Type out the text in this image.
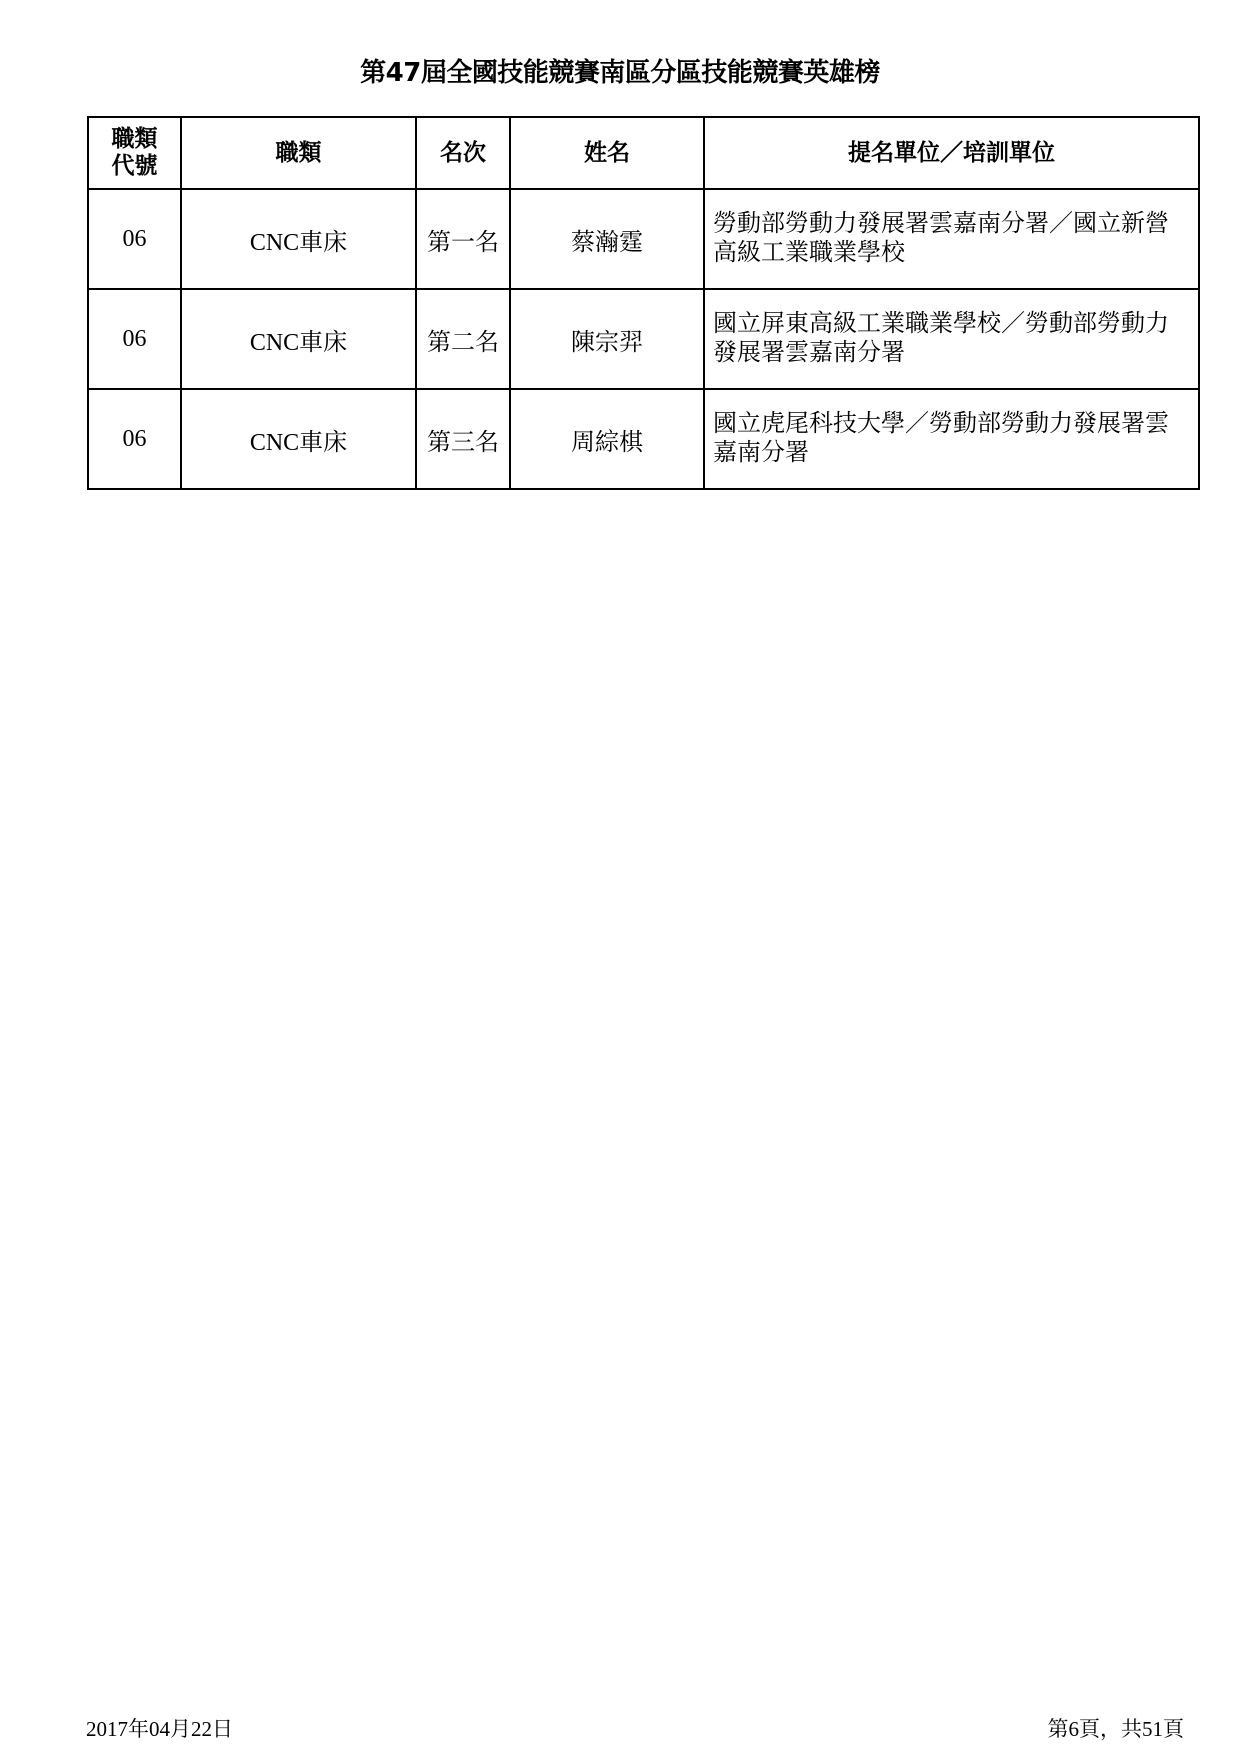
第47屆全國技能競賽南區分區技能競賽英雄榜
職類
代號	職類	名次	姓名	提名單位／培訓單位
06	CNC車床	第一名	蔡瀚霆	勞動部勞動力發展署雲嘉南分署／國立新營高級工業職業學校
06	CNC車床	第二名	陳宗羿	國立屏東高級工業職業學校／勞動部勞動力發展署雲嘉南分署
06	CNC車床	第三名	周綜棋	國立虎尾科技大學／勞動部勞動力發展署雲嘉南分署
2017年04月22日	第6頁，共51頁
